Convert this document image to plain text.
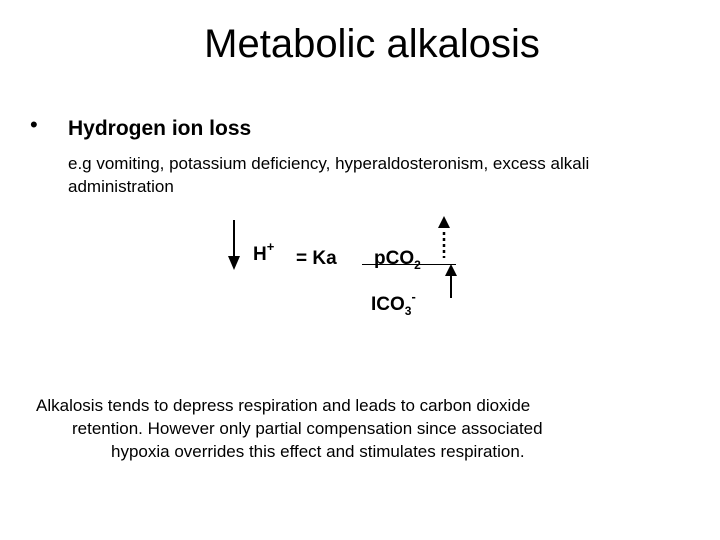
Metabolic alkalosis
• Hydrogen ion loss
e.g vomiting, potassium deficiency, hyperaldosteronism, excess alkali administration
H+
= Ka pCO$_2$
$ICO_3^-$
Alkalosis tends to depress respiration and leads to carbon dioxide
retention. However only partial compensation since associated
hypoxia overrides this effect and stimulates respiration.
